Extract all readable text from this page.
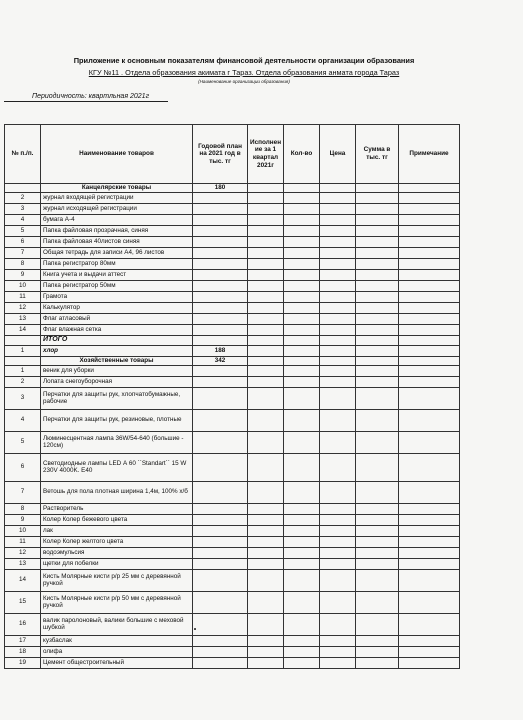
Приложение к основным показателям финансовой деятельности организации образования
КГУ №11 . Отдела образования акимата г Тараз. Отдела образования анмата города Тараз
(Наименование организации образования)
Периодичность: квартльная 2021г
№ п./п.	Наименование товаров	Годовой план на 2021 год в тыс. тг	Исполнен ие за 1 квартал 2021г	Кол-во	Цена	Сумма в тыс. тг	Примечание
	Канцелярские товары	180					
2	журнал входящей регистрации						
3	журнал исходящей регистрации						
4	бумага А-4						
5	Папка файловая прозрачная, синяя						
6	Папка файловая 40листов синяя						
7	Общая тетрадь для записи А4, 96 листов						
8	Папка регистратор 80мм						
9	Книга учета и выдачи аттест						
10	Папка регистратор 50мм						
11	Грамота						
12	Калькулятор						
13	Флаг атласовый						
14	Флаг влажная сетка						
	ИТОГО						
1	хлор	188					
	Хозяйственные товары	342					
1	веник для уборки						
2	Лопата снегоуборочная						
3	Перчатки для защиты рук, хлопчатобумажные, рабочие						
4	Перчатки для защиты рук, резиновые, плотные						
5	Люминесцентная лампа 36W/54-640 (большие - 120см)						
6	Светодиодные лампы LED А 60 ``Standart`` 15 W 230V 4000K. E40						
7	Ветошь для пола плотная ширина 1,4м, 100% х/б						
8	Растворитель						
9	Колер Колер бежевого цвета						
10	лак						
11	Колер Колер желтого цвета						
12	водоэмульсия						
13	щетки для побелки						
14	Кисть Молярные кисти р/р 25 мм с деревянной ручкой						
15	Кисть Молярные кисти р/р 50 мм с деревянной ручкой						
16	валик паролоновый, валики большие с меховой шубкой						
17	кузбаслак						
18	олифа						
19	Цемент общестроительный						
